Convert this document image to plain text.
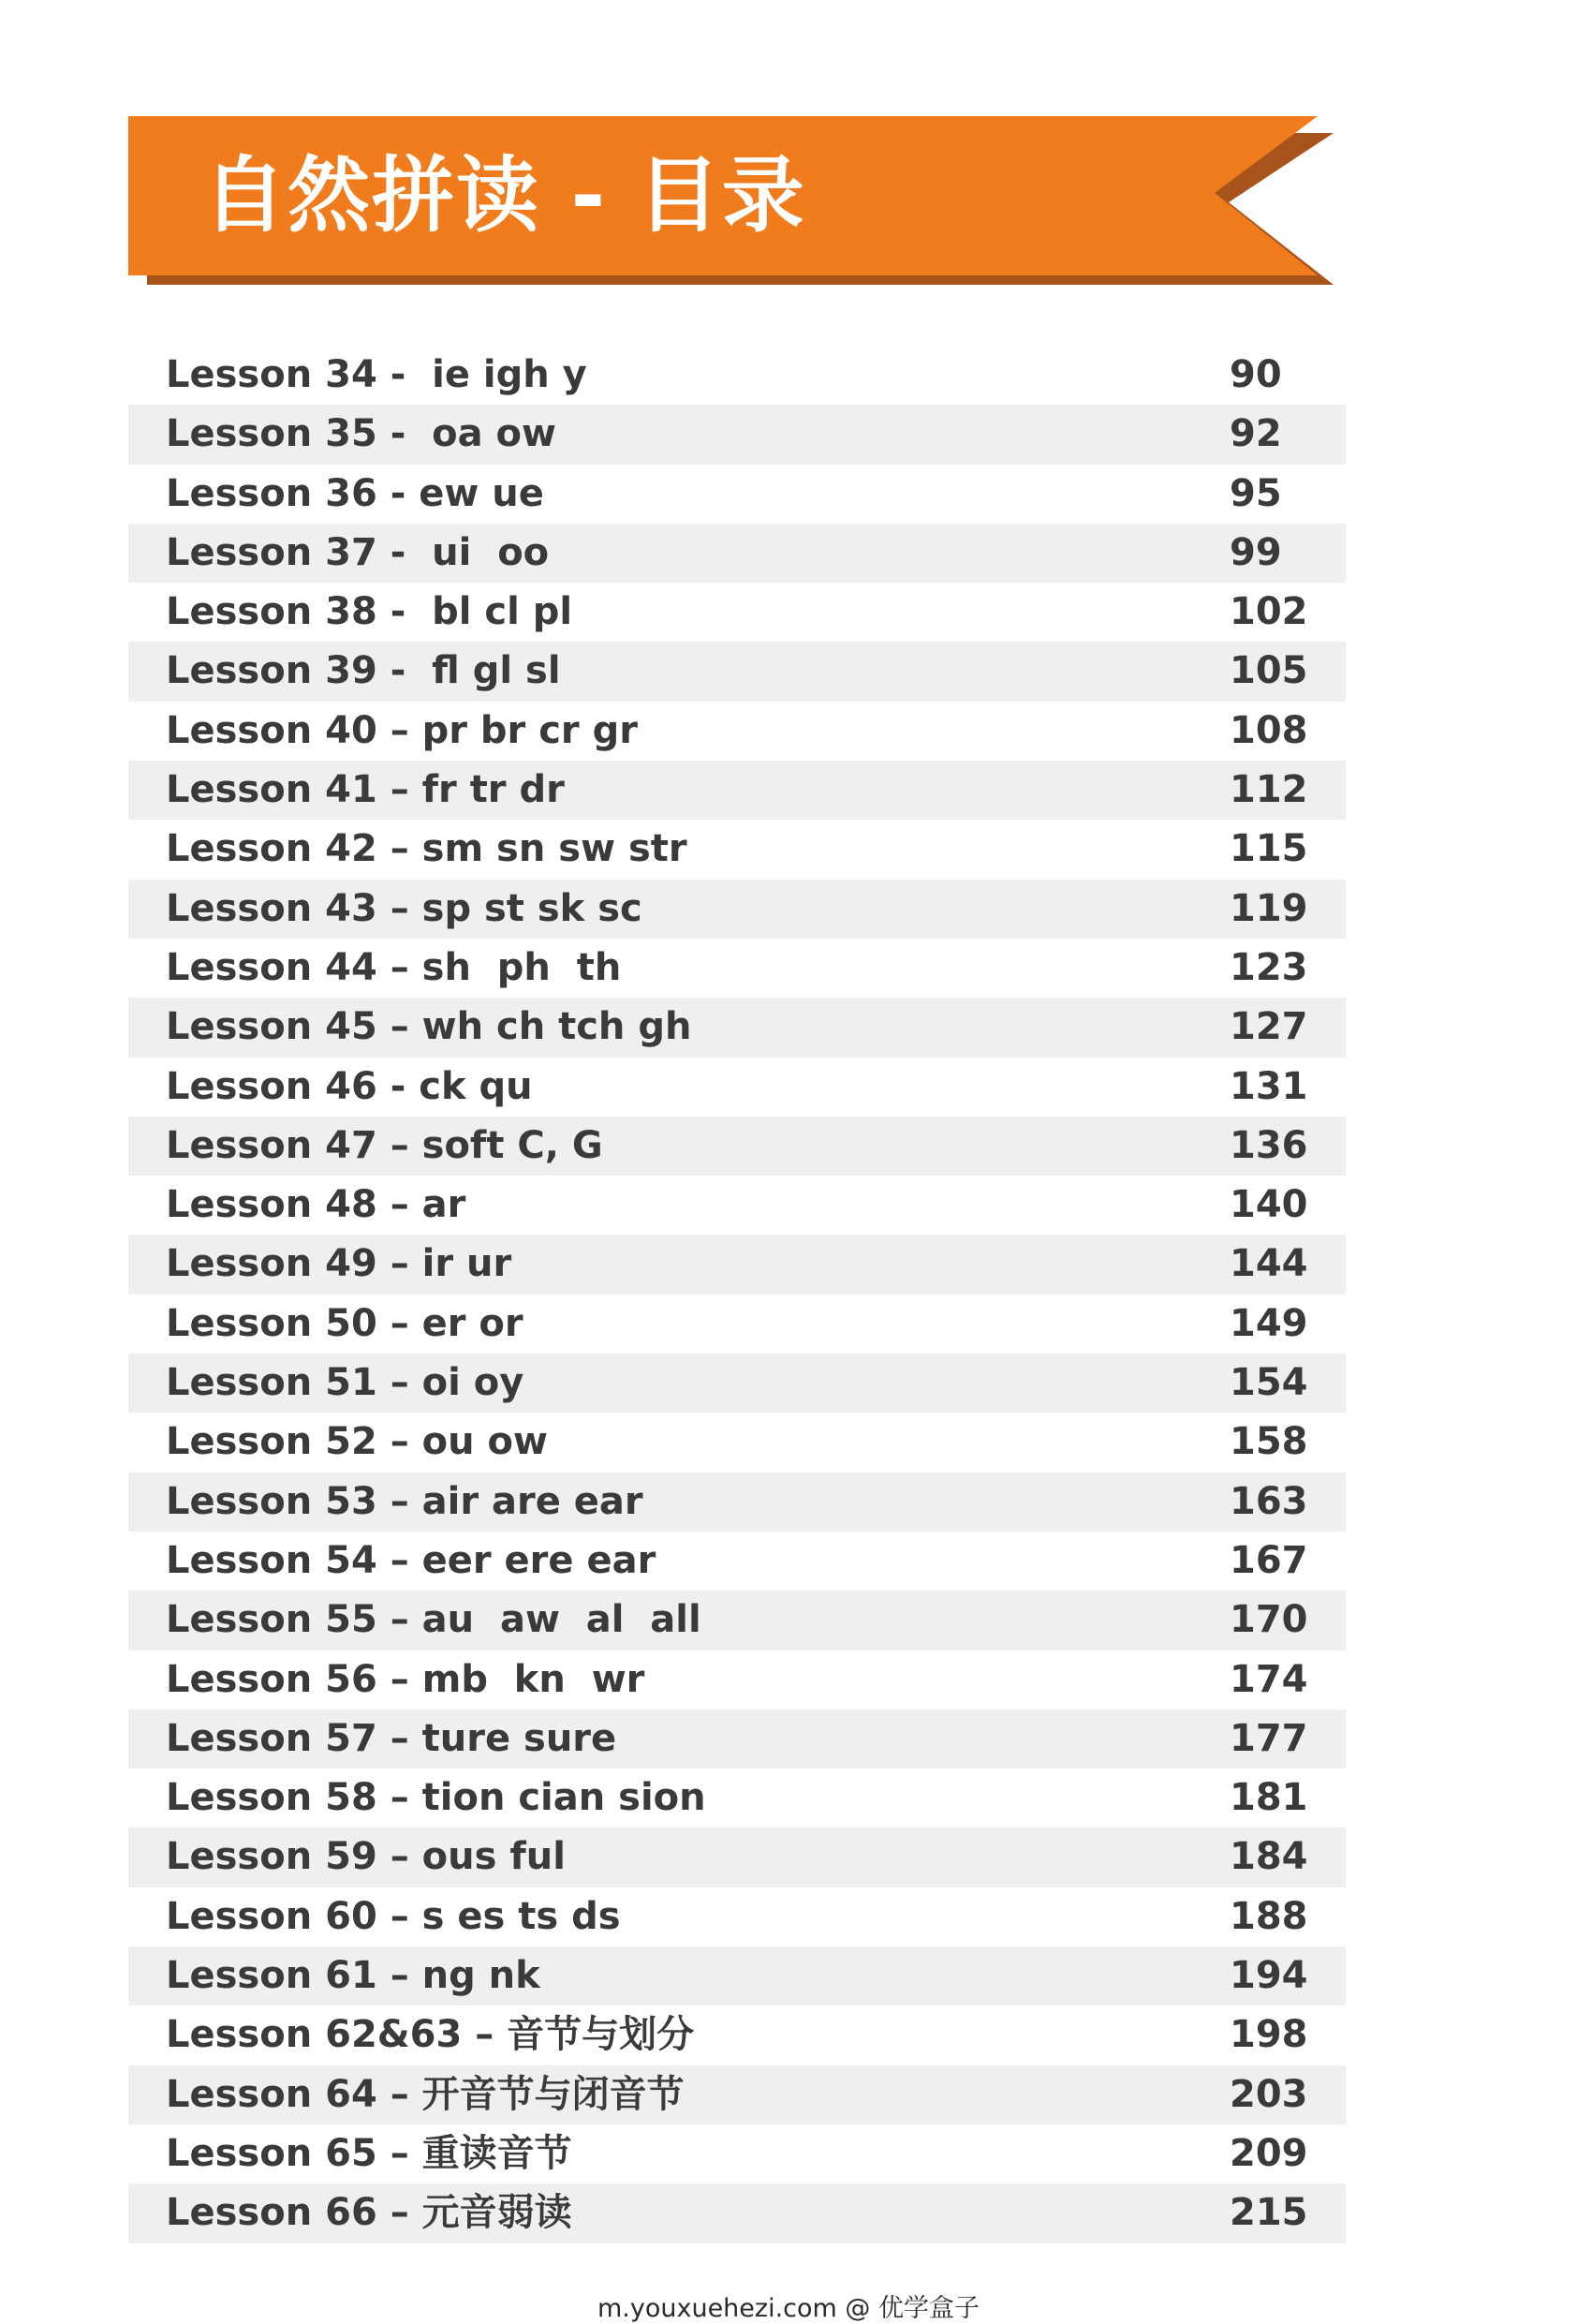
自然拼读 - 目录
Lesson 34 -  ie igh y	90
Lesson 35 -  oa ow	92
Lesson 36 - ew ue	95
Lesson 37 -  ui  oo	99
Lesson 38 -  bl cl pl	102
Lesson 39 -  fl gl sl	105
Lesson 40 – pr br cr gr	108
Lesson 41 – fr tr dr	112
Lesson 42 – sm sn sw str	115
Lesson 43 – sp st sk sc	119
Lesson 44 – sh  ph  th	123
Lesson 45 – wh ch tch gh	127
Lesson 46 - ck qu	131
Lesson 47 – soft C, G	136
Lesson 48 – ar	140
Lesson 49 – ir ur	144
Lesson 50 – er or	149
Lesson 51 – oi oy	154
Lesson 52 – ou ow	158
Lesson 53 – air are ear	163
Lesson 54 – eer ere ear	167
Lesson 55 – au  aw  al  all	170
Lesson 56 – mb  kn  wr	174
Lesson 57 – ture sure	177
Lesson 58 – tion cian sion	181
Lesson 59 – ous ful	184
Lesson 60 – s es ts ds	188
Lesson 61 – ng nk	194
Lesson 62&63 – 音节与划分	198
Lesson 64 – 开音节与闭音节	203
Lesson 65 – 重读音节	209
Lesson 66 – 元音弱读	215
m.youxuehezi.com @ 优学盒子
